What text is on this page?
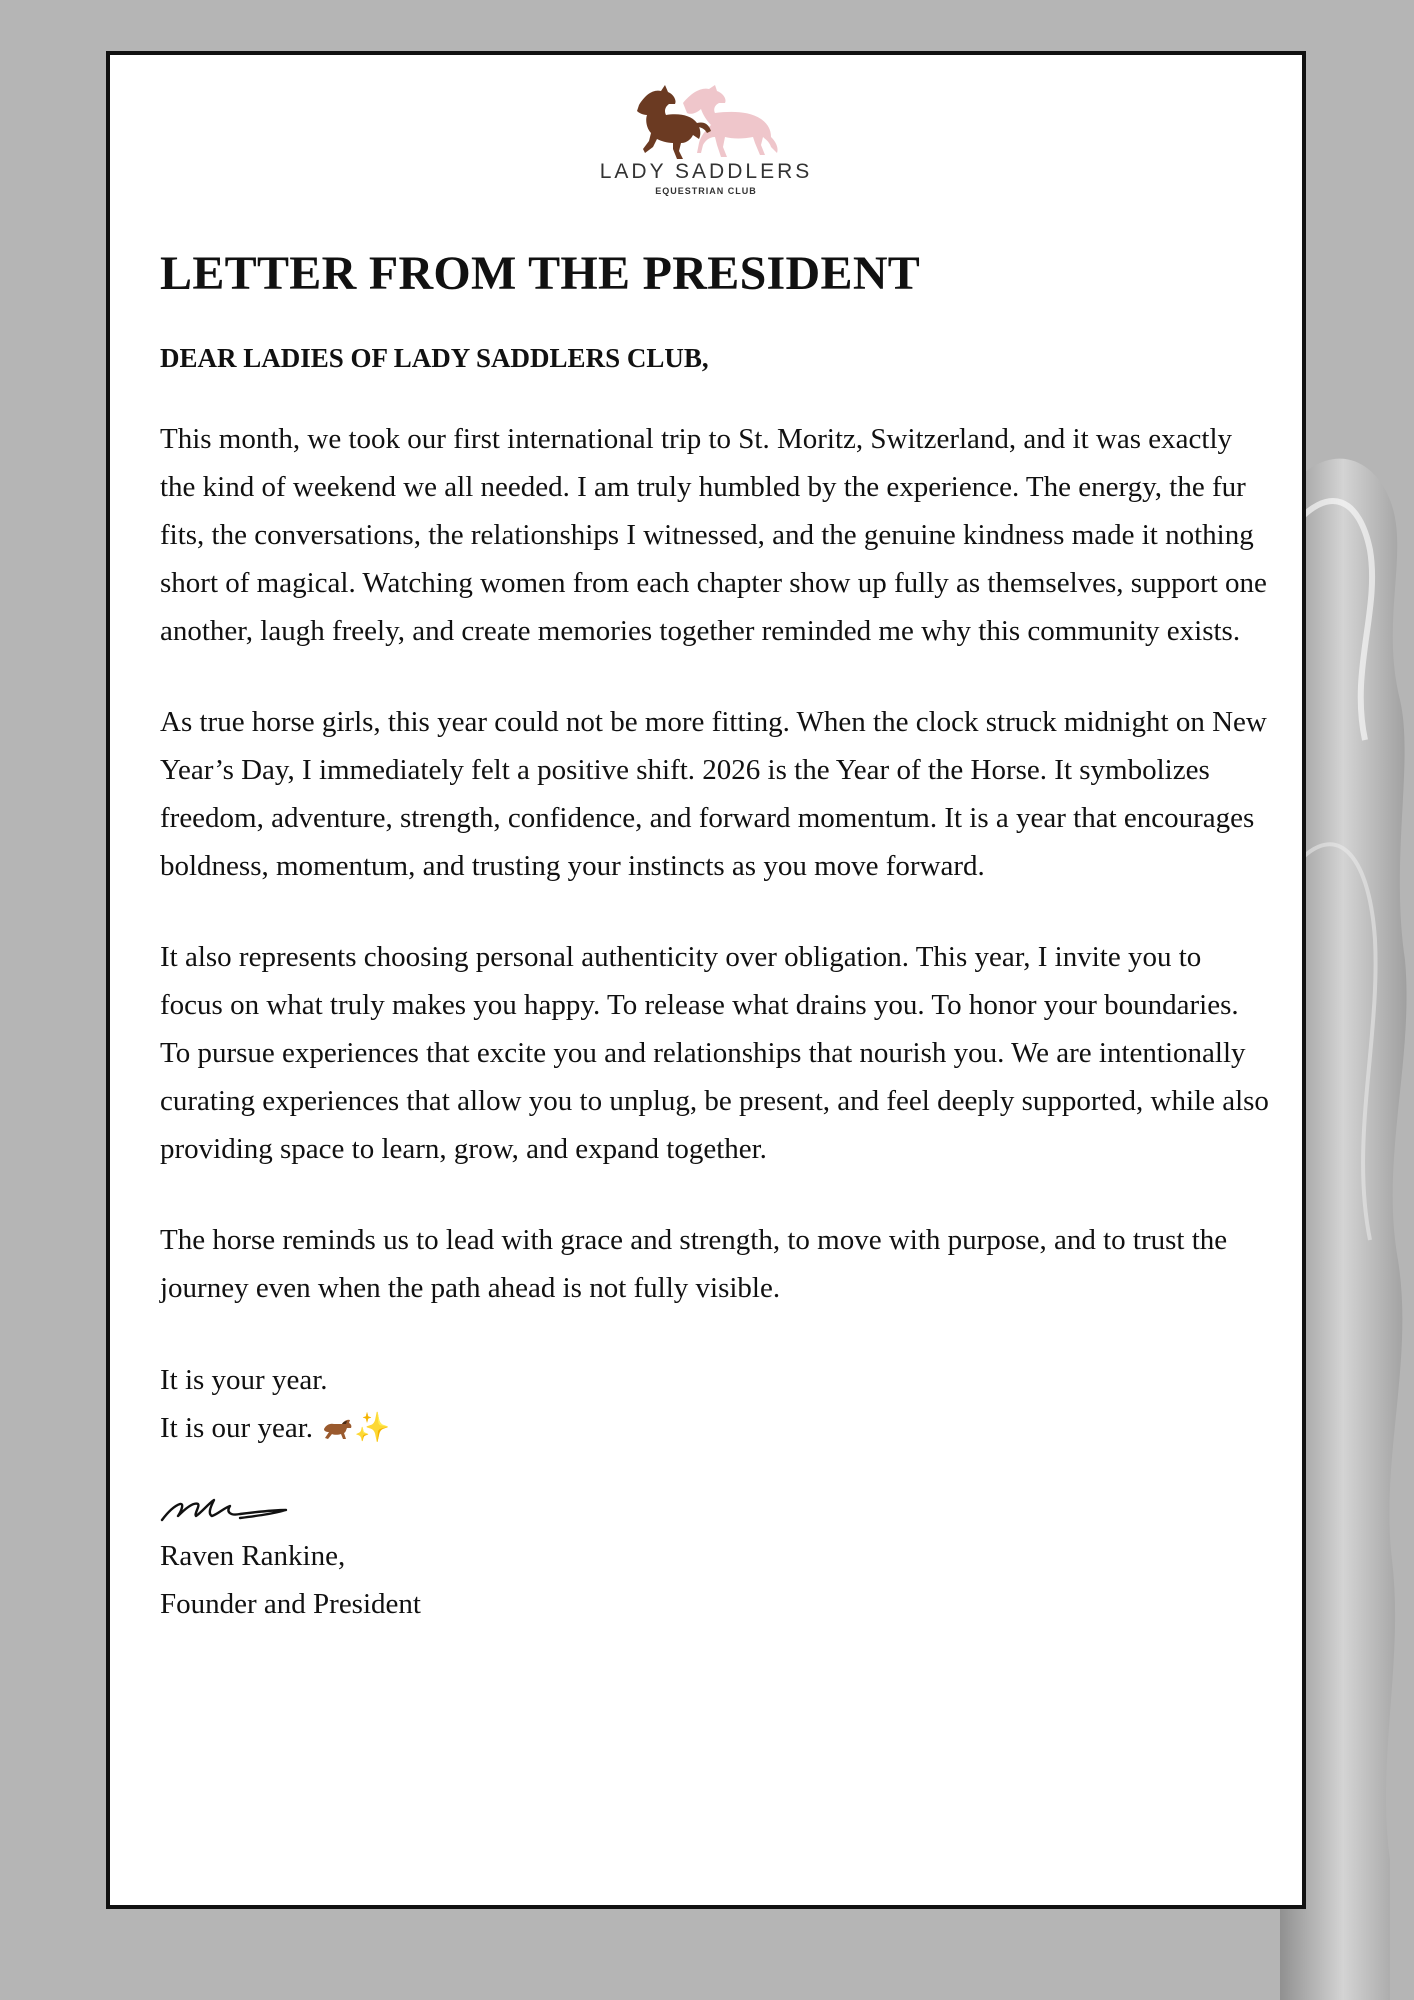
LADY SADDLERS
EQUESTRIAN CLUB
LETTER FROM THE PRESIDENT

DEAR LADIES OF LADY SADDLERS CLUB,

This month, we took our first international trip to St. Moritz, Switzerland, and it was exactly the kind of weekend we all needed. I am truly humbled by the experience. The energy, the fur fits, the conversations, the relationships I witnessed, and the genuine kindness made it nothing short of magical. Watching women from each chapter show up fully as themselves, support one another, laugh freely, and create memories together reminded me why this community exists.

As true horse girls, this year could not be more fitting. When the clock struck midnight on New Year’s Day, I immediately felt a positive shift. 2026 is the Year of the Horse. It symbolizes freedom, adventure, strength, confidence, and forward momentum. It is a year that encourages boldness, momentum, and trusting your instincts as you move forward.

It also represents choosing personal authenticity over obligation. This year, I invite you to focus on what truly makes you happy. To release what drains you. To honor your boundaries. To pursue experiences that excite you and relationships that nourish you. We are intentionally curating experiences that allow you to unplug, be present, and feel deeply supported, while also providing space to learn, grow, and expand together.

The horse reminds us to lead with grace and strength, to move with purpose, and to trust the journey even when the path ahead is not fully visible.

It is your year.
It is our year. ✨
Raven Rankine,
Founder and President
